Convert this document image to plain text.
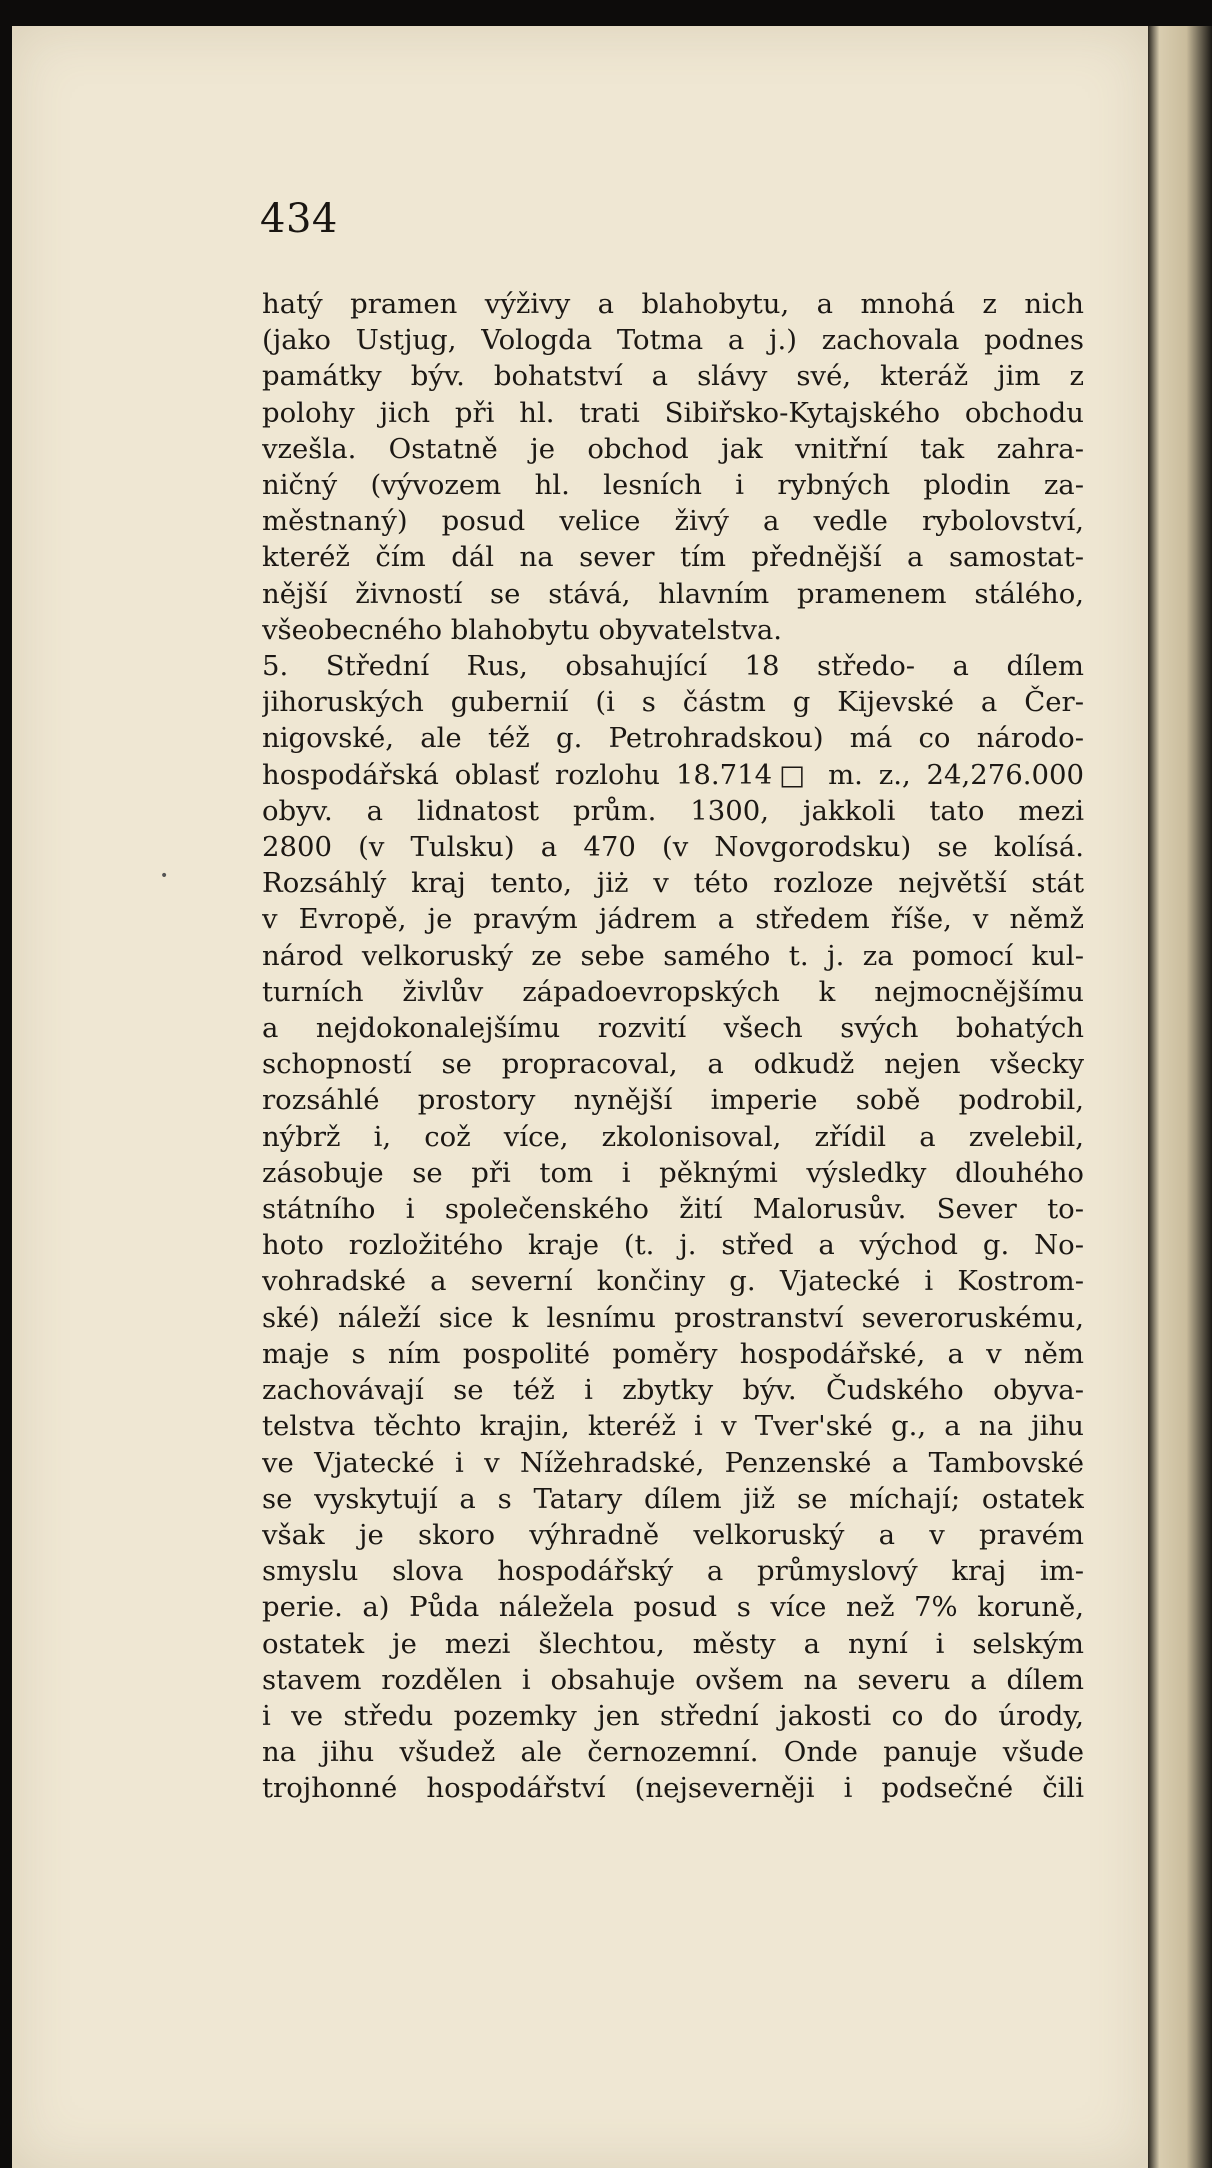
434
•
hatý pramen výživy a blahobytu, a mnohá z nich
(jako Ustjug, Vologda Totma a j.) zachovala podnes
památky býv. bohatství a slávy své, kteráž jim z
polohy jich při hl. trati Sibiřsko-Kytajského obchodu
vzešla. Ostatně je obchod jak vnitřní tak zahra-
ničný (vývozem hl. lesních i rybných plodin za-
městnaný) posud velice živý a vedle rybolovství,
kteréž čím dál na sever tím přednější a samostat-
nější živností se stává, hlavním pramenem stálého,
všeobecného blahobytu obyvatelstva.
5. Střední Rus, obsahující 18 středo- a dílem
jihoruských gubernií (i s částm g Kijevské a Čer-
nigovské, ale též g. Petrohradskou) má co národo-
hospodářská oblasť rozlohu 18.714□ m. z., 24,276.000
obyv. a lidnatost prům. 1300, jakkoli tato mezi
2800 (v Tulsku) a 470 (v Novgorodsku) se kolísá.
Rozsáhlý kraj tento, jiż v této rozloze největší stát
v Evropě, je pravým jádrem a středem říše, v němž
národ velkoruský ze sebe samého t. j. za pomocí kul-
turních živlův západoevropských k nejmocnějšímu
a nejdokonalejšímu rozvití všech svých bohatých
schopností se propracoval, a odkudž nejen všecky
rozsáhlé prostory nynější imperie sobě podrobil,
nýbrž i, což více, zkolonisoval, zřídil a zvelebil,
zásobuje se při tom i pěknými výsledky dlouhého
státního i společenského žití Malorusův. Sever to-
hoto rozložitého kraje (t. j. střed a východ g. No-
vohradské a severní končiny g. Vjatecké i Kostrom-
ské) náleží sice k lesnímu prostranství severoruskému,
maje s ním pospolité poměry hospodářské, a v něm
zachovávají se též i zbytky býv. Čudského obyva-
telstva těchto krajin, kteréž i v Tver'ské g., a na jihu
ve Vjatecké i v Nížehradské, Penzenské a Tambovské
se vyskytují a s Tatary dílem již se míchají; ostatek
však je skoro výhradně velkoruský a v pravém
smyslu slova hospodářský a průmyslový kraj im-
perie. a) Půda náležela posud s více než 7% koruně,
ostatek je mezi šlechtou, městy a nyní i selským
stavem rozdělen i obsahuje ovšem na severu a dílem
i ve středu pozemky jen střední jakosti co do úrody,
na jihu všudež ale černozemní. Onde panuje všude
trojhonné hospodářství (nejseverněji i podsečné čili
